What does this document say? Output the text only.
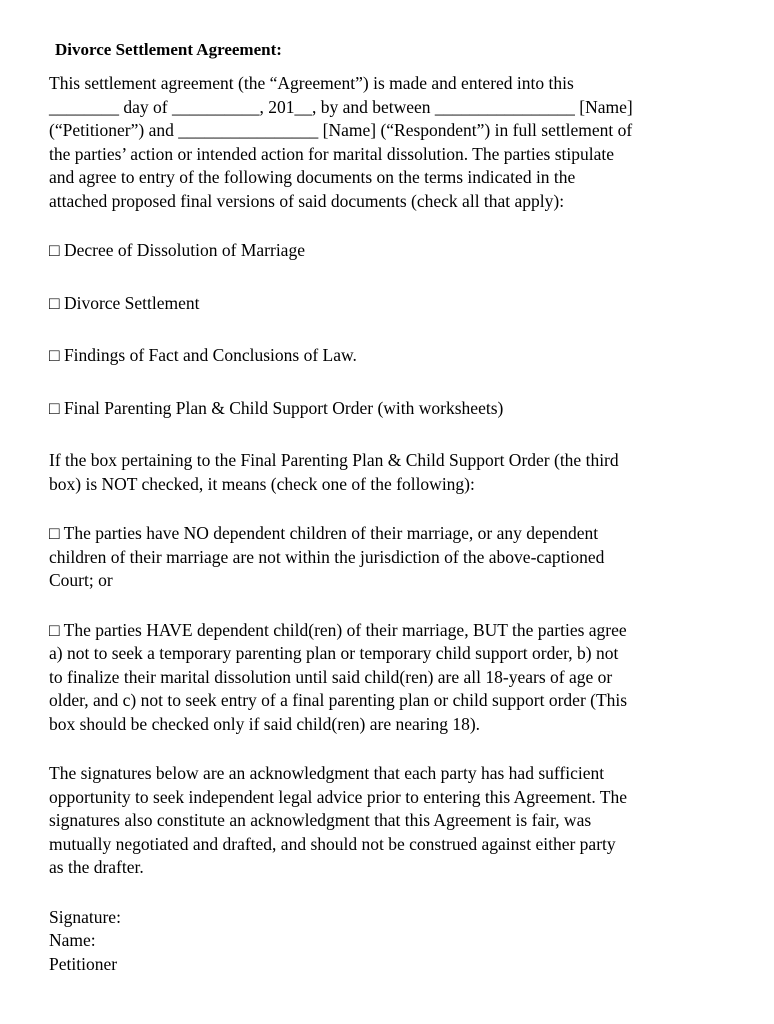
Divorce Settlement Agreement:
This settlement agreement (the “Agreement”) is made and entered into this
________ day of __________, 201__, by and between ________________ [Name]
(“Petitioner”) and ________________ [Name] (“Respondent”) in full settlement of
the parties’ action or intended action for marital dissolution. The parties stipulate
and agree to entry of the following documents on the terms indicated in the
attached proposed final versions of said documents (check all that apply):
□ Decree of Dissolution of Marriage
□ Divorce Settlement
□ Findings of Fact and Conclusions of Law.
□ Final Parenting Plan & Child Support Order (with worksheets)
If the box pertaining to the Final Parenting Plan & Child Support Order (the third
box) is NOT checked, it means (check one of the following):
□ The parties have NO dependent children of their marriage, or any dependent
children of their marriage are not within the jurisdiction of the above-captioned
Court; or
□ The parties HAVE dependent child(ren) of their marriage, BUT the parties agree
a) not to seek a temporary parenting plan or temporary child support order, b) not
to finalize their marital dissolution until said child(ren) are all 18-years of age or
older, and c) not to seek entry of a final parenting plan or child support order (This
box should be checked only if said child(ren) are nearing 18).
The signatures below are an acknowledgment that each party has had sufficient
opportunity to seek independent legal advice prior to entering this Agreement. The
signatures also constitute an acknowledgment that this Agreement is fair, was
mutually negotiated and drafted, and should not be construed against either party
as the drafter.
Signature:
Name:
Petitioner
